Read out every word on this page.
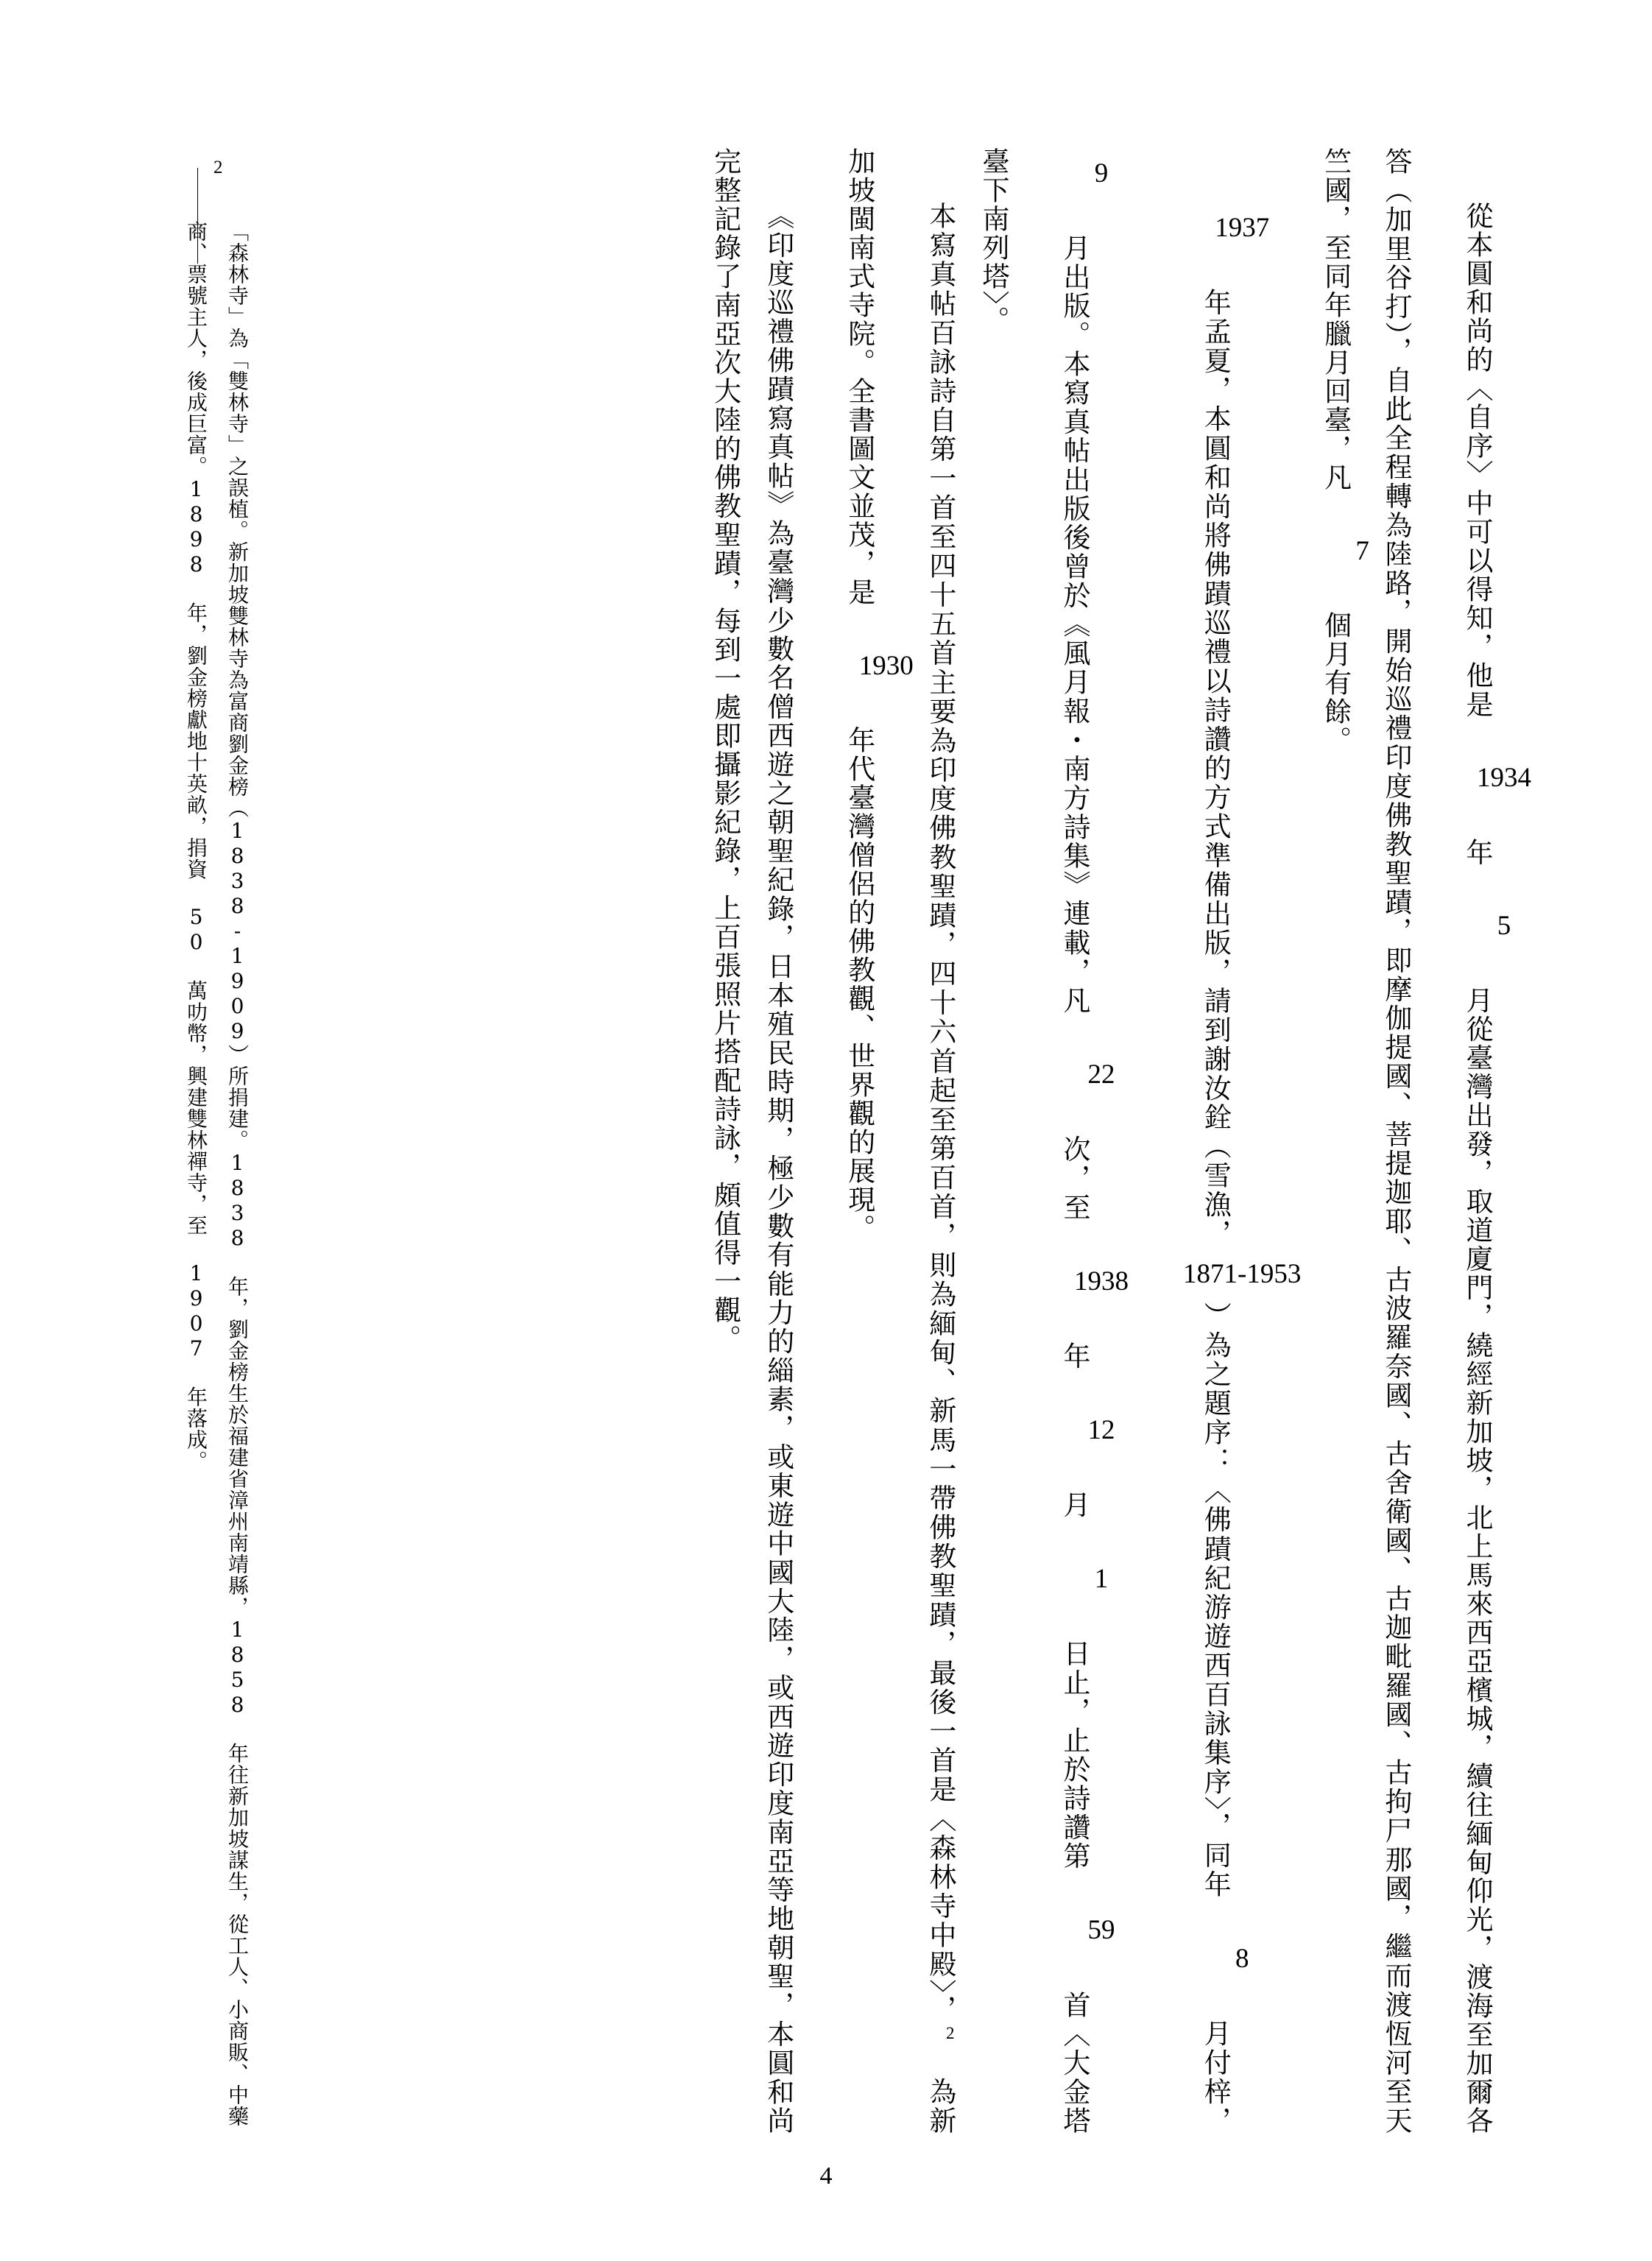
從本圓和尚的〈自序〉中可以得知，他是 1934 年 5 月從臺灣出發，取道廈門，繞經新加坡，北上馬來西亞檳城，續往緬甸仰光，渡海至加爾各答（加里谷打），自此全程轉為陸路，開始巡禮印度佛教聖蹟，即摩伽提國、菩提迦耶、古波羅奈國、古舍衛國、古迦毗羅國、古拘尸那國，繼而渡恆河至天竺國，至同年臘月回臺，凡 7 個月有餘。

1937 年孟夏，本圓和尚將佛蹟巡禮以詩讚的方式準備出版，請到謝汝銓（雪漁，1871-1953）為之題序：〈佛蹟紀游遊西百詠集序〉，同年 8 月付梓，9 月出版。本寫真帖出版後曾於《風月報・南方詩集》連載，凡 22 次，至 1938 年 12 月 1 日止，止於詩讚第 59 首〈大金塔臺下南列塔〉。

本寫真帖百詠詩自第一首至四十五首主要為印度佛教聖蹟，四十六首起至第百首，則為緬甸、新馬一帶佛教聖蹟，最後一首是〈森林寺中殿〉，$^2$ 為新加坡閩南式寺院。全書圖文並茂，是 1930 年代臺灣僧侶的佛教觀、世界觀的展現。

《印度巡禮佛蹟寫真帖》為臺灣少數名僧西遊之朝聖紀錄，日本殖民時期，極少數有能力的緇素，或東遊中國大陸，或西遊印度南亞等地朝聖，本圓和尚完整記錄了南亞次大陸的佛教聖蹟，每到一處即攝影紀錄，上百張照片搭配詩詠，頗值得一觀。

2
「森林寺」為「雙林寺」之誤植。新加坡雙林寺為富商劉金榜（1838-1909）所捐建。1838 年，劉金榜生於福建省漳州南靖縣，1858 年往新加坡謀生，從工人、小商販、中藥商、票號主人，後成巨富。1898 年，劉金榜獻地十英畝，捐資 50 萬叻幣，興建雙林禪寺，至 1907 年落成。
4
